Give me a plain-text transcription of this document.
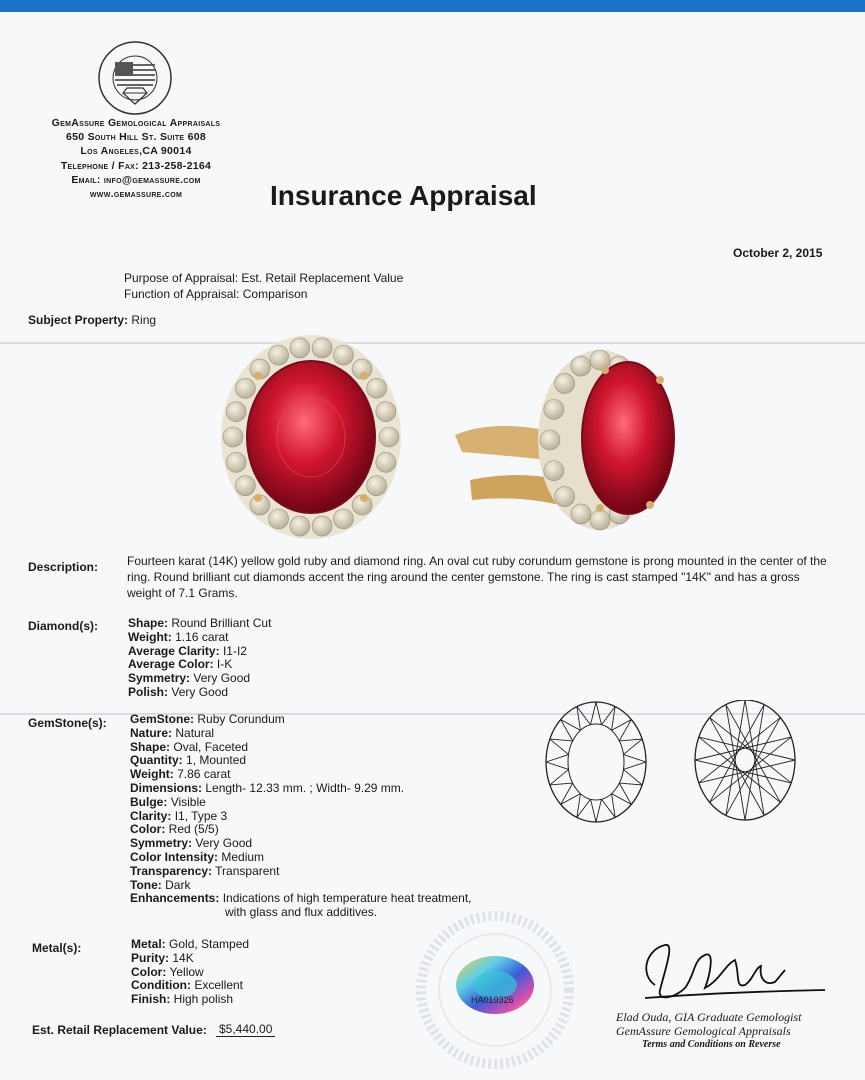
GemAssure Gemological Appraisals
650 South Hill St. Suite 608
Los Angeles,CA 90014
Telephone / Fax: 213-258-2164
Email: info@gemassure.com
www.gemassure.com	Insurance Appraisal
October 2, 2015
Purpose of Appraisal: Est. Retail Replacement Value
Function of Appraisal: Comparison
Subject Property: Ring
Description: Fourteen karat (14K) yellow gold ruby and diamond ring. An oval cut ruby corundum gemstone is prong mounted in the center of the ring. Round brilliant cut diamonds accent the ring around the center gemstone. The ring is cast stamped "14K" and has a gross weight of 7.1 Grams.
Diamond(s):	Shape: Round Brilliant Cut
Weight: 1.16 carat
Average Clarity: I1-I2
Average Color: I-K
Symmetry: Very Good
Polish: Very Good
GemStone(s): GemStone: Ruby Corundum
Nature: Natural
Shape: Oval, Faceted
Quantity: 1, Mounted
Weight: 7.86 carat
Dimensions: Length- 12.33 mm. ; Width- 9.29 mm.
Bulge: Visible
Clarity: I1, Type 3
Color: Red (5/5)
Symmetry: Very Good
Color Intensity: Medium
Transparency: Transparent
Tone: Dark
Enhancements: Indications of high temperature heat treatment,
with glass and flux additives.
Metal(s):	Metal: Gold, Stamped
Purity: 14K
Color: Yellow
Condition: Excellent
Finish: High polish	HA019326
Est. Retail Replacement Value: $5,440.00
Elad Ouda, GIA Graduate Gemologist
GemAssure Gemological Appraisals
Terms and Conditions on Reverse
